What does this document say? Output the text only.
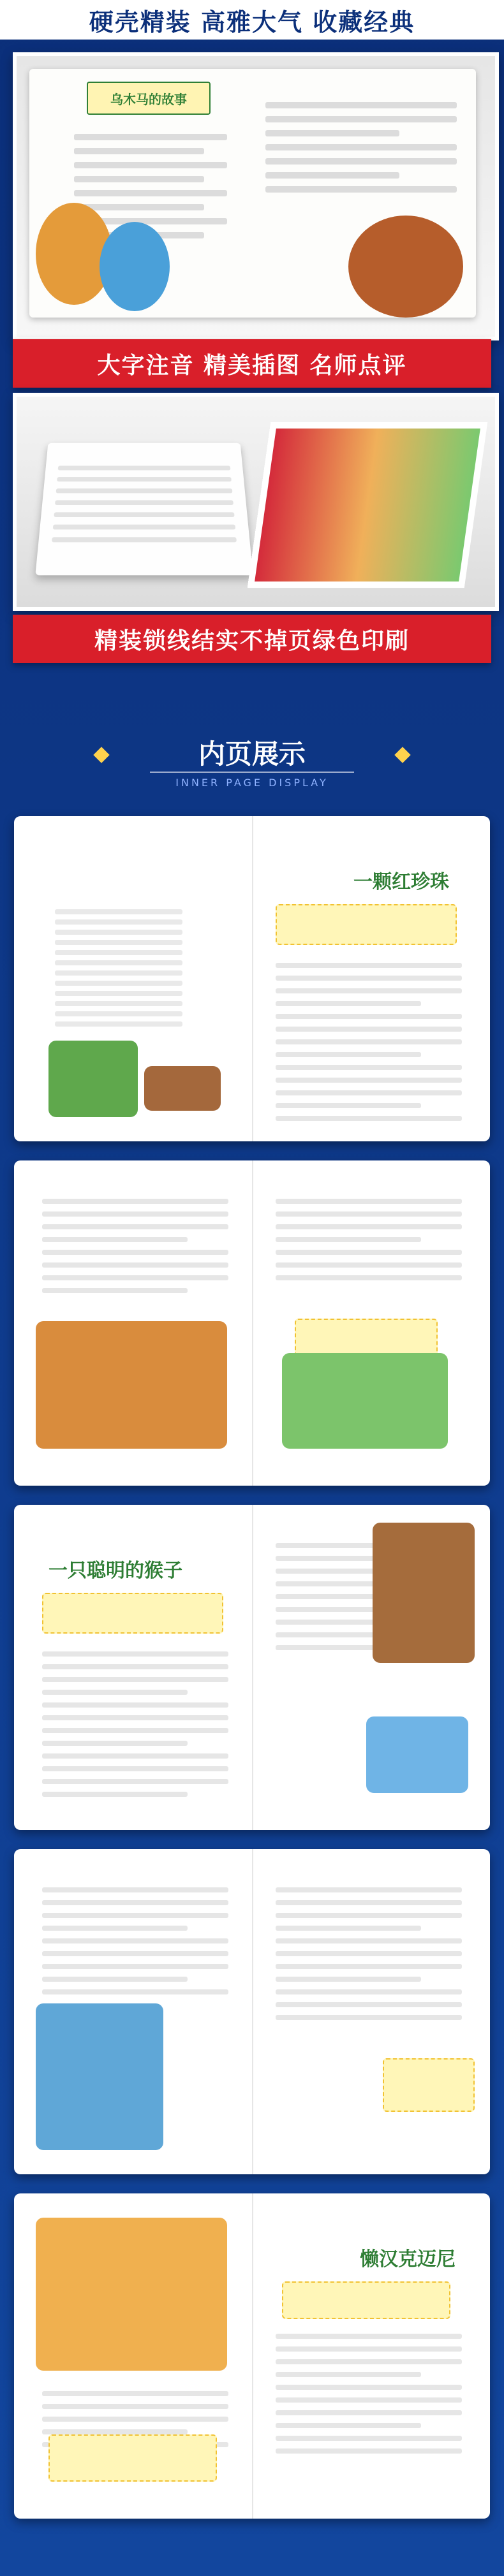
硬壳精装 高雅大气 收藏经典
乌木马的故事
大字注音 精美插图 名师点评
精装锁线结实不掉页绿色印刷
内页展示
INNER PAGE DISPLAY
一颗红珍珠
一只聪明的猴子
懒汉克迈尼
